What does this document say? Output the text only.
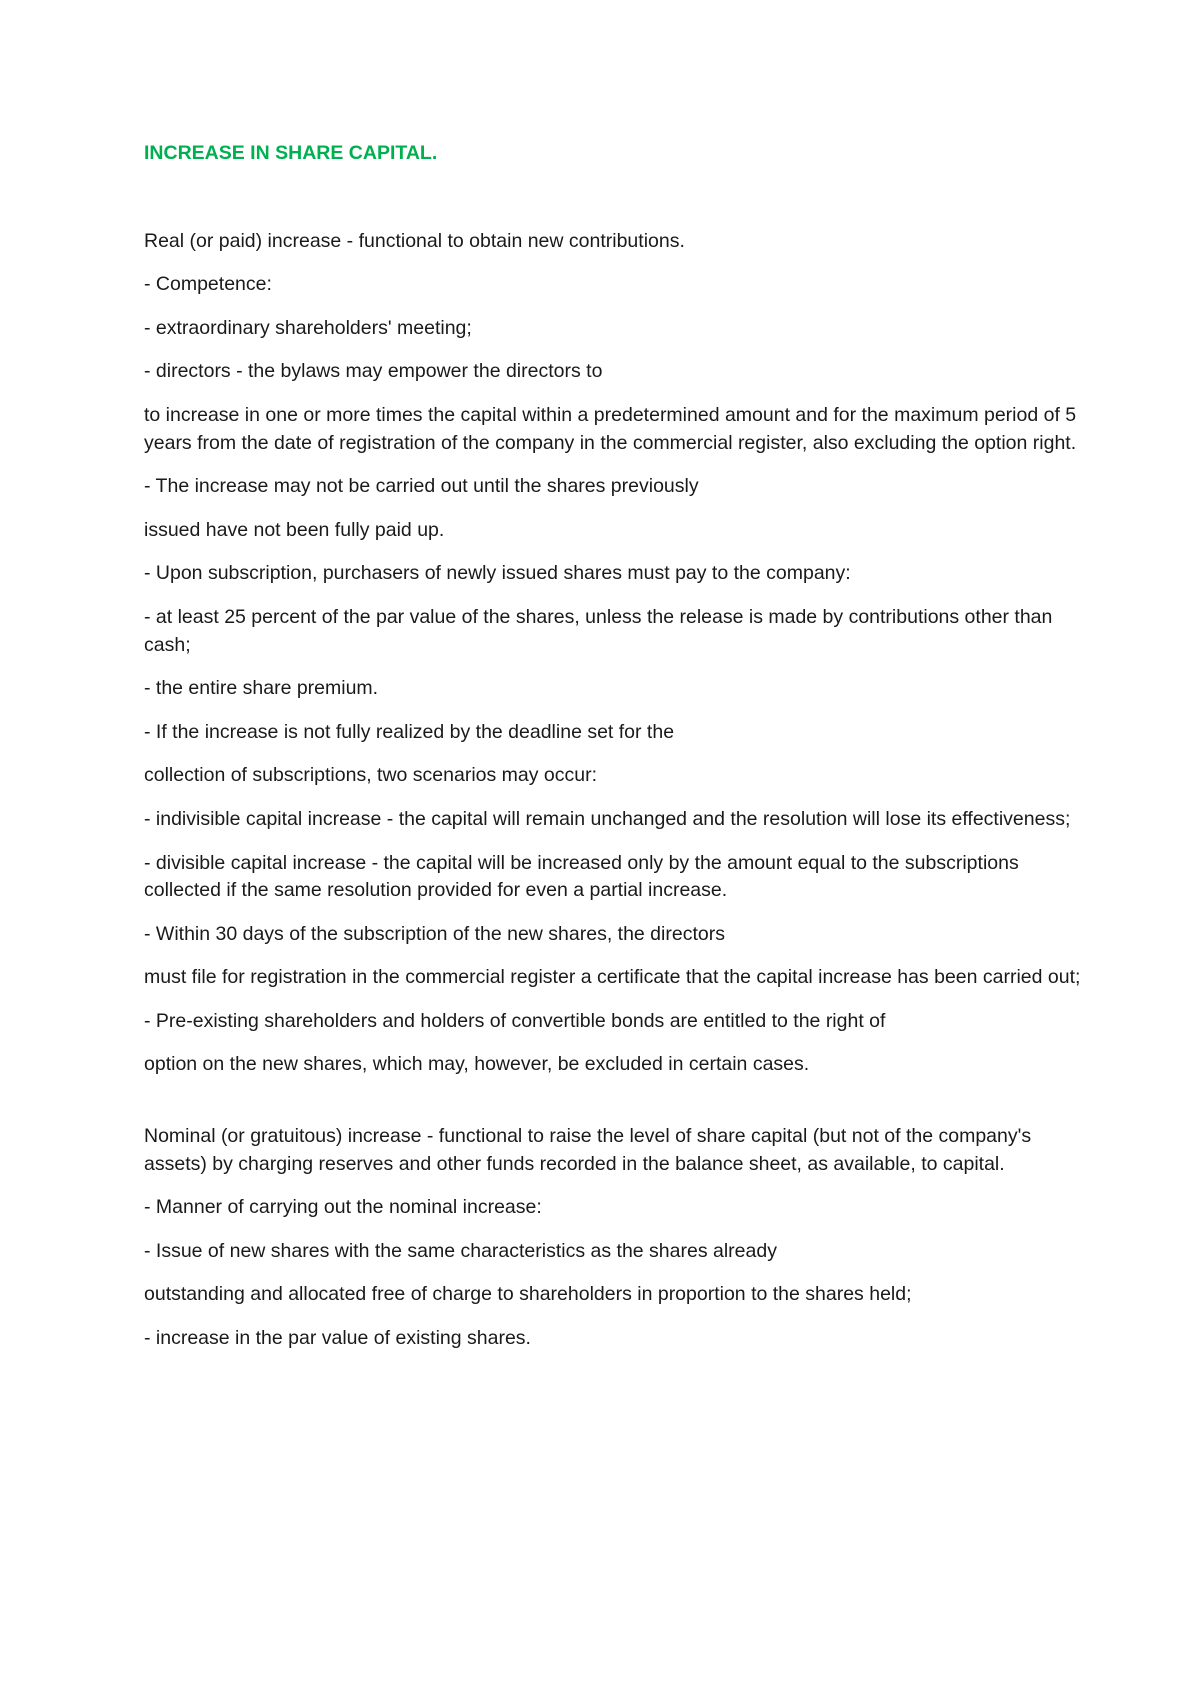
INCREASE IN SHARE CAPITAL.

Real (or paid) increase - functional to obtain new contributions.

- Competence:

- extraordinary shareholders' meeting;

- directors - the bylaws may empower the directors to

to increase in one or more times the capital within a predetermined amount and for the maximum period of 5 years from the date of registration of the company in the commercial register, also excluding the option right.

- The increase may not be carried out until the shares previously

issued have not been fully paid up.

- Upon subscription, purchasers of newly issued shares must pay to the company:

- at least 25 percent of the par value of the shares, unless the release is made by contributions other than cash;

- the entire share premium.

- If the increase is not fully realized by the deadline set for the

collection of subscriptions, two scenarios may occur:

- indivisible capital increase - the capital will remain unchanged and the resolution will lose its effectiveness;

- divisible capital increase - the capital will be increased only by the amount equal to the subscriptions collected if the same resolution provided for even a partial increase.

- Within 30 days of the subscription of the new shares, the directors

must file for registration in the commercial register a certificate that the capital increase has been carried out;

- Pre-existing shareholders and holders of convertible bonds are entitled to the right of

option on the new shares, which may, however, be excluded in certain cases.

Nominal (or gratuitous) increase - functional to raise the level of share capital (but not of the company's assets) by charging reserves and other funds recorded in the balance sheet, as available, to capital.

- Manner of carrying out the nominal increase:

- Issue of new shares with the same characteristics as the shares already

outstanding and allocated free of charge to shareholders in proportion to the shares held;

- increase in the par value of existing shares.
